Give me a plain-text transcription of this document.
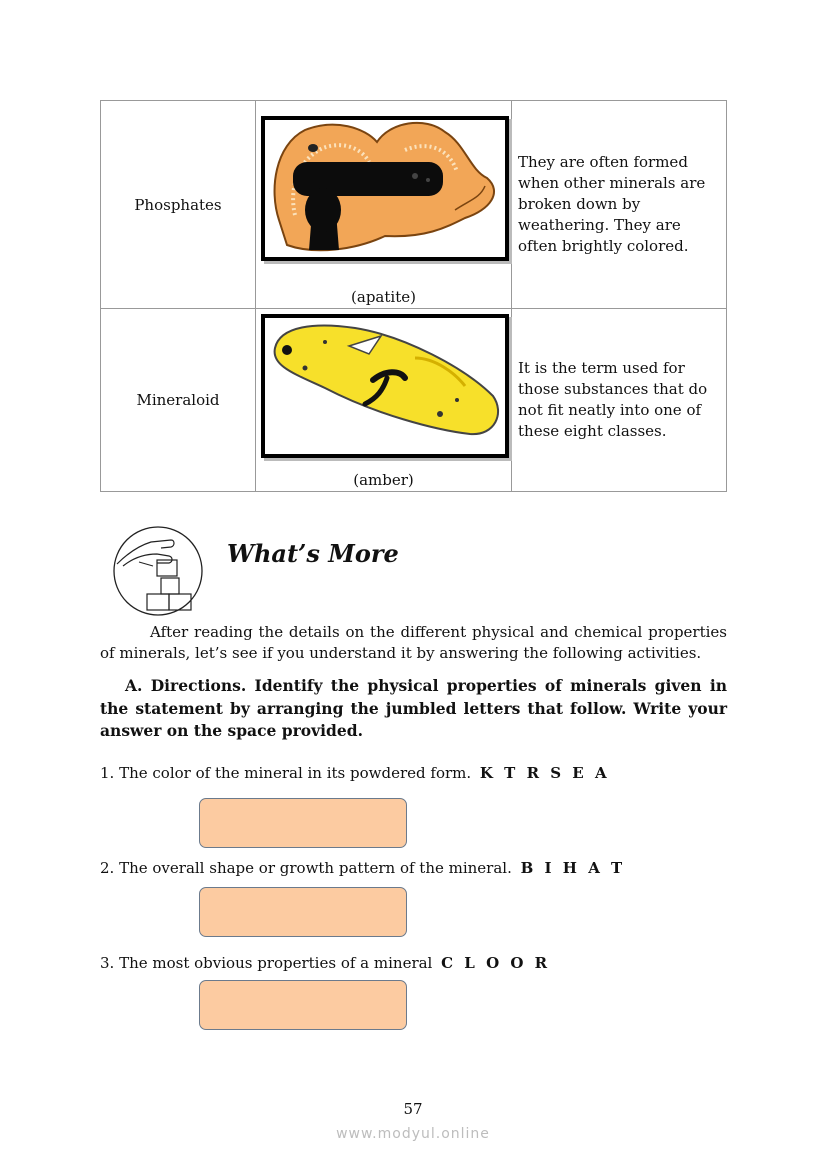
Phosphates	(apatite)	They are often formed when other minerals are broken down by weathering. They are often brightly colored.
Mineraloid	(amber)	It is the term used for those substances that do not fit neatly into one of these eight classes.
What’s More

After reading the details on the different physical and chemical properties of minerals, let’s see if you understand it by answering the following activities.

A. Directions. Identify the physical properties of minerals given in the statement by arranging the jumbled letters that follow. Write your answer on the space provided.

1. The color of the mineral in its powdered form. K T R S E A

2. The overall shape or growth pattern of the mineral. B I H A T

3. The most obvious properties of a mineral C L O O R

57

www.modyul.online
